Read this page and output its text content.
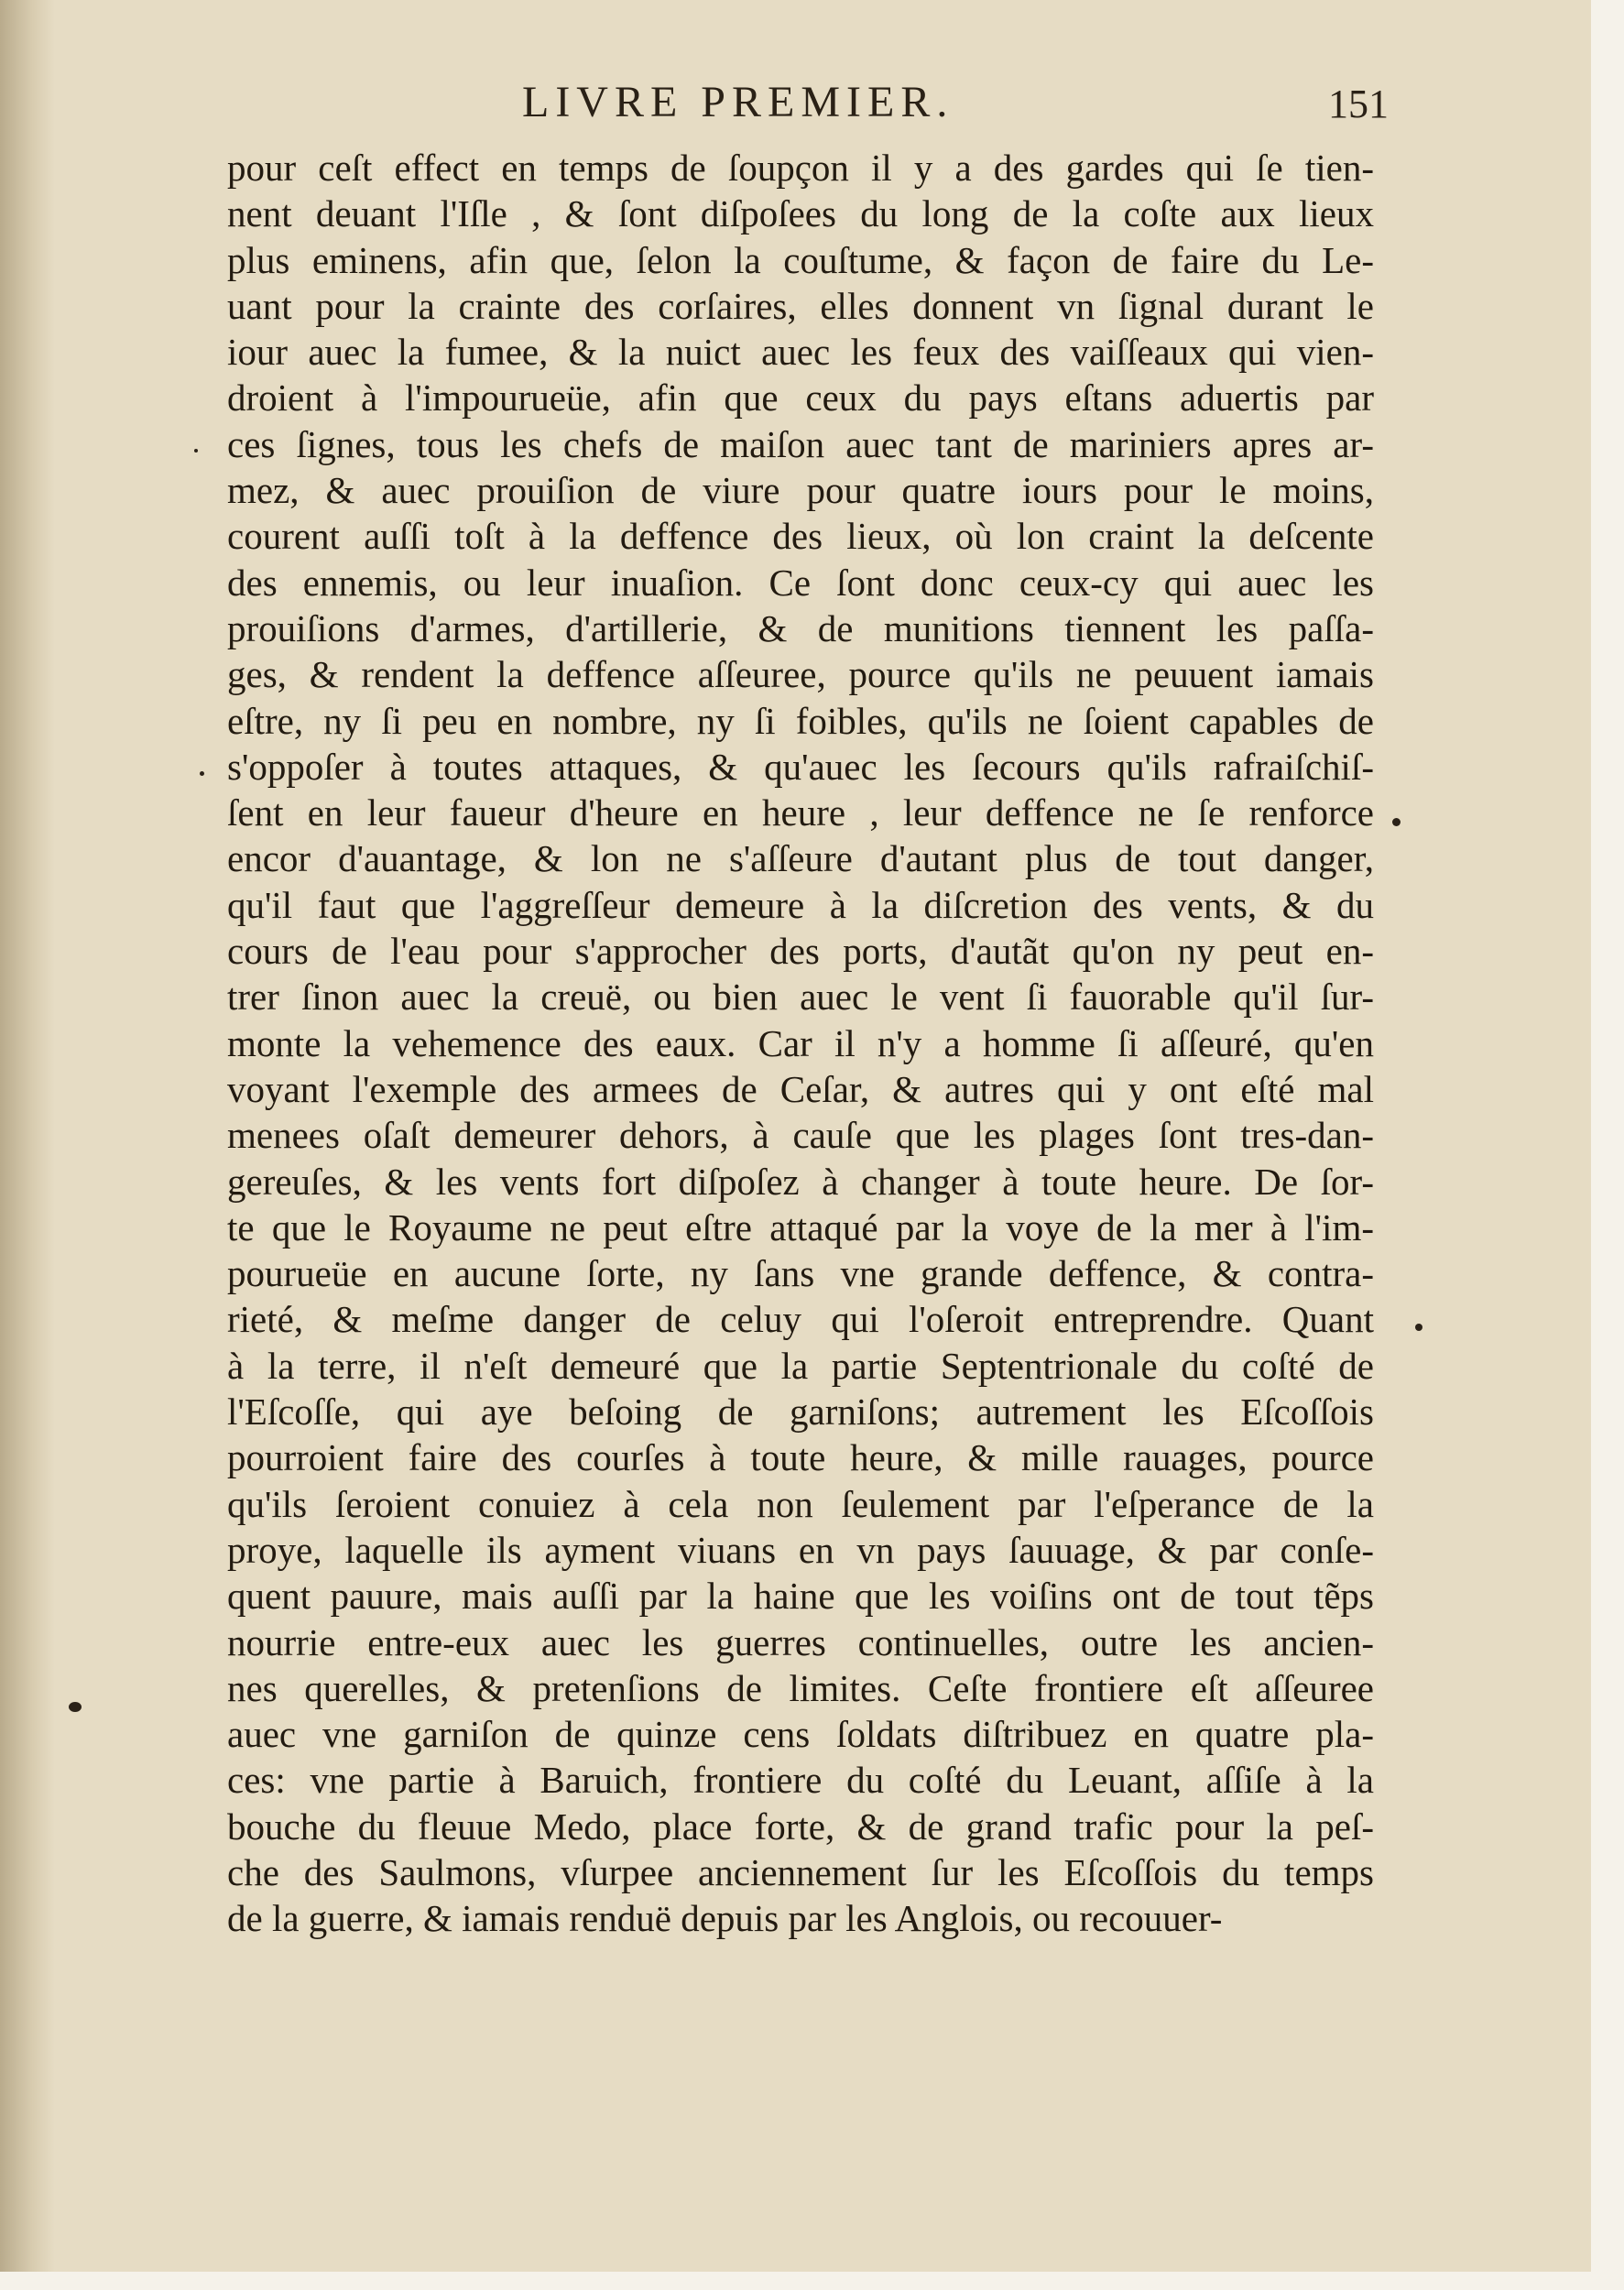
LIVRE PREMIER.	151
pour ceſt effect en temps de ſoupçon il y a des gardes qui ſe tien-
nent deuant l'Iſle , & ſont diſpoſees du long de la coſte aux lieux
plus eminens, afin que, ſelon la couſtume, & façon de faire du Le-
uant pour la crainte des corſaires, elles donnent vn ſignal durant le
iour auec la fumee, & la nuict auec les feux des vaiſſeaux qui vien-
droient à l'impourueüe, afin que ceux du pays eſtans aduertis par
ces ſignes, tous les chefs de maiſon auec tant de mariniers apres ar-
mez, & auec prouiſion de viure pour quatre iours pour le moins,
courent auſſi toſt à la deffence des lieux, où lon craint la deſcente
des ennemis, ou leur inuaſion. Ce ſont donc ceux-cy qui auec les
prouiſions d'armes, d'artillerie, & de munitions tiennent les paſſa-
ges, & rendent la deffence aſſeuree, pource qu'ils ne peuuent iamais
eſtre, ny ſi peu en nombre, ny ſi foibles, qu'ils ne ſoient capables de
s'oppoſer à toutes attaques, & qu'auec les ſecours qu'ils rafraiſchiſ-
ſent en leur faueur d'heure en heure , leur deffence ne ſe renforce
encor d'auantage, & lon ne s'aſſeure d'autant plus de tout danger,
qu'il faut que l'aggreſſeur demeure à la diſcretion des vents, & du
cours de l'eau pour s'approcher des ports, d'autãt qu'on ny peut en-
trer ſinon auec la creuë, ou bien auec le vent ſi fauorable qu'il ſur-
monte la vehemence des eaux. Car il n'y a homme ſi aſſeuré, qu'en
voyant l'exemple des armees de Ceſar, & autres qui y ont eſté mal
menees oſaſt demeurer dehors, à cauſe que les plages ſont tres-dan-
gereuſes, & les vents fort diſpoſez à changer à toute heure. De ſor-
te que le Royaume ne peut eſtre attaqué par la voye de la mer à l'im-
pourueüe en aucune ſorte, ny ſans vne grande deffence, & contra-
rieté, & meſme danger de celuy qui l'oſeroit entreprendre. Quant
à la terre, il n'eſt demeuré que la partie Septentrionale du coſté de
l'Eſcoſſe, qui aye beſoing de garniſons; autrement les Eſcoſſois
pourroient faire des courſes à toute heure, & mille rauages, pource
qu'ils ſeroient conuiez à cela non ſeulement par l'eſperance de la
proye, laquelle ils ayment viuans en vn pays ſauuage, & par conſe-
quent pauure, mais auſſi par la haine que les voiſins ont de tout tẽps
nourrie entre-eux auec les guerres continuelles, outre les ancien-
nes querelles, & pretenſions de limites. Ceſte frontiere eſt aſſeuree
auec vne garniſon de quinze cens ſoldats diſtribuez en quatre pla-
ces: vne partie à Baruich, frontiere du coſté du Leuant, aſſiſe à la
bouche du fleuue Medo, place forte, & de grand trafic pour la peſ-
che des Saulmons, vſurpee anciennement ſur les Eſcoſſois du temps
de la guerre, & iamais renduë depuis par les Anglois, ou recouuer-
